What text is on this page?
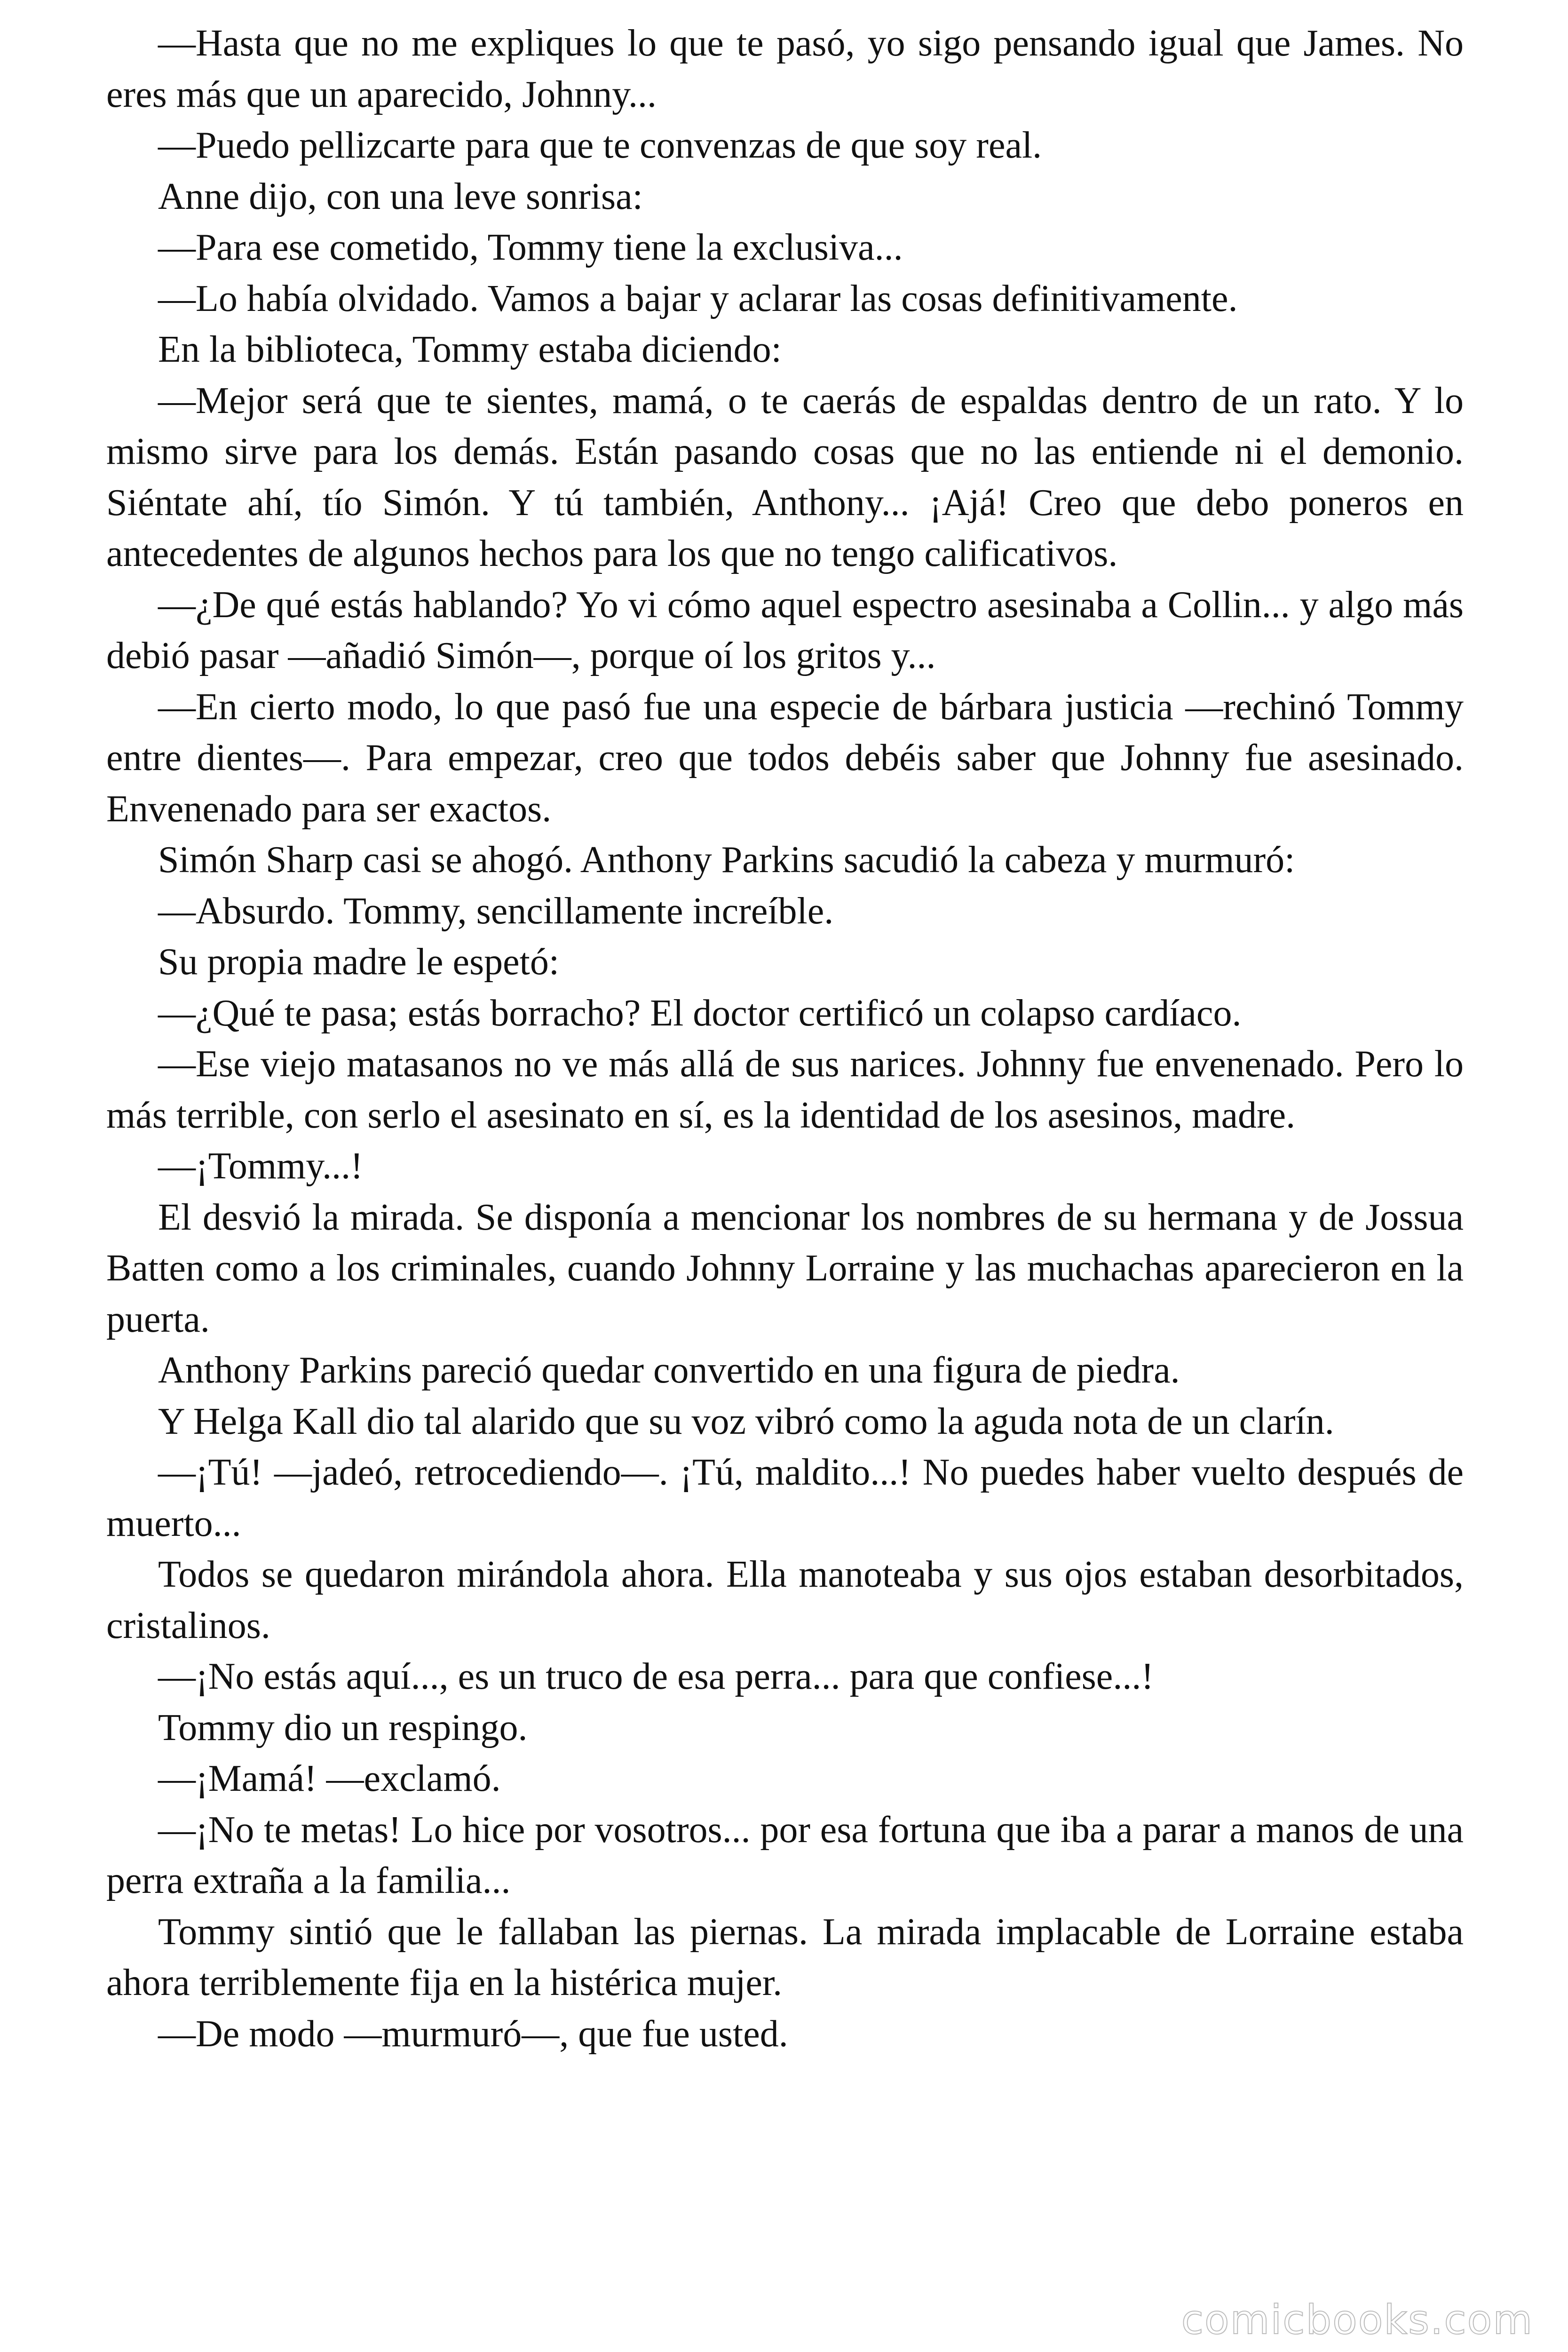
—Hasta que no me expliques lo que te pasó, yo sigo pensando igual que James. No eres más que un aparecido, Johnny...

—Puedo pellizcarte para que te convenzas de que soy real.

Anne dijo, con una leve sonrisa:

—Para ese cometido, Tommy tiene la exclusiva...

—Lo había olvidado. Vamos a bajar y aclarar las cosas definitivamente.

En la biblioteca, Tommy estaba diciendo:

—Mejor será que te sientes, mamá, o te caerás de espaldas dentro de un rato. Y lo mismo sirve para los demás. Están pasando cosas que no las entiende ni el demonio. Siéntate ahí, tío Simón. Y tú también, Anthony... ¡Ajá! Creo que debo poneros en antecedentes de algunos hechos para los que no tengo calificativos.

—¿De qué estás hablando? Yo vi cómo aquel espectro asesinaba a Collin... y algo más debió pasar —añadió Simón—, porque oí los gritos y...

—En cierto modo, lo que pasó fue una especie de bárbara justicia —rechinó Tommy entre dientes—. Para empezar, creo que todos debéis saber que Johnny fue asesinado. Envenenado para ser exactos.

Simón Sharp casi se ahogó. Anthony Parkins sacudió la cabeza y murmuró:

—Absurdo. Tommy, sencillamente increíble.

Su propia madre le espetó:

—¿Qué te pasa; estás borracho? El doctor certificó un colapso cardíaco.

—Ese viejo matasanos no ve más allá de sus narices. Johnny fue envenenado. Pero lo más terrible, con serlo el asesinato en sí, es la identidad de los asesinos, madre.

—¡Tommy...!

El desvió la mirada. Se disponía a mencionar los nombres de su hermana y de Jossua Batten como a los criminales, cuando Johnny Lorraine y las muchachas aparecieron en la puerta.

Anthony Parkins pareció quedar convertido en una figura de piedra.

Y Helga Kall dio tal alarido que su voz vibró como la aguda nota de un clarín.

—¡Tú! —jadeó, retrocediendo—. ¡Tú, maldito...! No puedes haber vuelto después de muerto...

Todos se quedaron mirándola ahora. Ella manoteaba y sus ojos estaban desorbitados, cristalinos.

—¡No estás aquí..., es un truco de esa perra... para que confiese...!

Tommy dio un respingo.

—¡Mamá! —exclamó.

—¡No te metas! Lo hice por vosotros... por esa fortuna que iba a parar a manos de una perra extraña a la familia...

Tommy sintió que le fallaban las piernas. La mirada implacable de Lorraine estaba ahora terriblemente fija en la histérica mujer.

—De modo —murmuró—, que fue usted.

comicbooks.com
